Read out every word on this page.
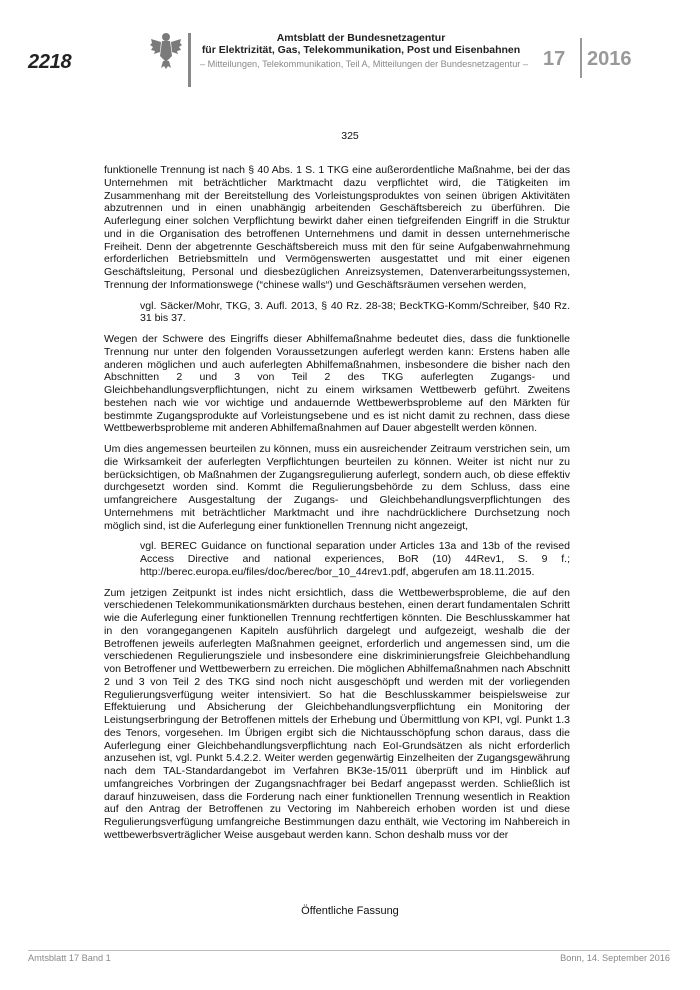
2218
Amtsblatt der Bundesnetzagentur
für Elektrizität, Gas, Telekommunikation, Post und Eisenbahnen
– Mitteilungen, Telekommunikation, Teil A, Mitteilungen der Bundesnetzagentur – 17 2016
325

funktionelle Trennung ist nach § 40 Abs. 1 S. 1 TKG eine außerordentliche Maßnahme, bei der das Unternehmen mit beträchtlicher Marktmacht dazu verpflichtet wird, die Tätigkeiten im Zusammenhang mit der Bereitstellung des Vorleistungsproduktes von seinen übrigen Aktivitäten abzutrennen und in einen unabhängig arbeitenden Geschäftsbereich zu überführen. Die Auferlegung einer solchen Verpflichtung bewirkt daher einen tiefgreifenden Eingriff in die Struktur und in die Organisation des betroffenen Unternehmens und damit in dessen unternehmerische Freiheit. Denn der abgetrennte Geschäftsbereich muss mit den für seine Aufgabenwahrnehmung erforderlichen Betriebsmitteln und Vermögenswerten ausgestattet und mit einer eigenen Geschäftsleitung, Personal und diesbezüglichen Anreizsystemen, Datenverarbeitungssystemen, Trennung der Informationswege (“chinese walls“) und Geschäftsräumen versehen werden,

vgl. Säcker/Mohr, TKG, 3. Aufl. 2013, § 40 Rz. 28-38; BeckTKG-Komm/Schreiber, §40 Rz. 31 bis 37.

Wegen der Schwere des Eingriffs dieser Abhilfemaßnahme bedeutet dies, dass die funktionelle Trennung nur unter den folgenden Voraussetzungen auferlegt werden kann: Erstens haben alle anderen möglichen und auch auferlegten Abhilfemaßnahmen, insbesondere die bisher nach den Abschnitten 2 und 3 von Teil 2 des TKG auferlegten Zugangs- und Gleichbehandlungsverpflichtungen, nicht zu einem wirksamen Wettbewerb geführt. Zweitens bestehen nach wie vor wichtige und andauernde Wettbewerbsprobleme auf den Märkten für bestimmte Zugangsprodukte auf Vorleistungsebene und es ist nicht damit zu rechnen, dass diese Wettbewerbsprobleme mit anderen Abhilfemaßnahmen auf Dauer abgestellt werden können.

Um dies angemessen beurteilen zu können, muss ein ausreichender Zeitraum verstrichen sein, um die Wirksamkeit der auferlegten Verpflichtungen beurteilen zu können. Weiter ist nicht nur zu berücksichtigen, ob Maßnahmen der Zugangsregulierung auferlegt, sondern auch, ob diese effektiv durchgesetzt worden sind. Kommt die Regulierungsbehörde zu dem Schluss, dass eine umfangreichere Ausgestaltung der Zugangs- und Gleichbehandlungsverpflichtungen des Unternehmens mit beträchtlicher Marktmacht und ihre nachdrücklichere Durchsetzung noch möglich sind, ist die Auferlegung einer funktionellen Trennung nicht angezeigt,

vgl. BEREC Guidance on functional separation under Articles 13a and 13b of the revised Access Directive and national experiences, BoR (10) 44Rev1, S. 9 f.; http://berec.europa.eu/files/doc/berec/bor_10_44rev1.pdf, abgerufen am 18.11.2015.

Zum jetzigen Zeitpunkt ist indes nicht ersichtlich, dass die Wettbewerbsprobleme, die auf den verschiedenen Telekommunikationsmärkten durchaus bestehen, einen derart fundamentalen Schritt wie die Auferlegung einer funktionellen Trennung rechtfertigen könnten. Die Beschlusskammer hat in den vorangegangenen Kapiteln ausführlich dargelegt und aufgezeigt, weshalb die der Betroffenen jeweils auferlegten Maßnahmen geeignet, erforderlich und angemessen sind, um die verschiedenen Regulierungsziele und insbesondere eine diskriminierungsfreie Gleichbehandlung von Betroffener und Wettbewerbern zu erreichen. Die möglichen Abhilfemaßnahmen nach Abschnitt 2 und 3 von Teil 2 des TKG sind noch nicht ausgeschöpft und werden mit der vorliegenden Regulierungsverfügung weiter intensiviert. So hat die Beschlusskammer beispielsweise zur Effektuierung und Absicherung der Gleichbehandlungsverpflichtung ein Monitoring der Leistungserbringung der Betroffenen mittels der Erhebung und Übermittlung von KPI, vgl. Punkt 1.3 des Tenors, vorgesehen. Im Übrigen ergibt sich die Nichtausschöpfung schon daraus, dass die Auferlegung einer Gleichbehandlungsverpflichtung nach EoI-Grundsätzen als nicht erforderlich anzusehen ist, vgl. Punkt 5.4.2.2. Weiter werden gegenwärtig Einzelheiten der Zugangsgewährung nach dem TAL-Standardangebot im Verfahren BK3e-15/011 überprüft und im Hinblick auf umfangreiches Vorbringen der Zugangsnachfrager bei Bedarf angepasst werden. Schließlich ist darauf hinzuweisen, dass die Forderung nach einer funktionellen Trennung wesentlich in Reaktion auf den Antrag der Betroffenen zu Vectoring im Nahbereich erhoben worden ist und diese Regulierungsverfügung umfangreiche Bestimmungen dazu enthält, wie Vectoring im Nahbereich in wettbewerbsverträglicher Weise ausgebaut werden kann. Schon deshalb muss vor der

Öffentliche Fassung
Amtsblatt 17 Band 1	Bonn, 14. September 2016
